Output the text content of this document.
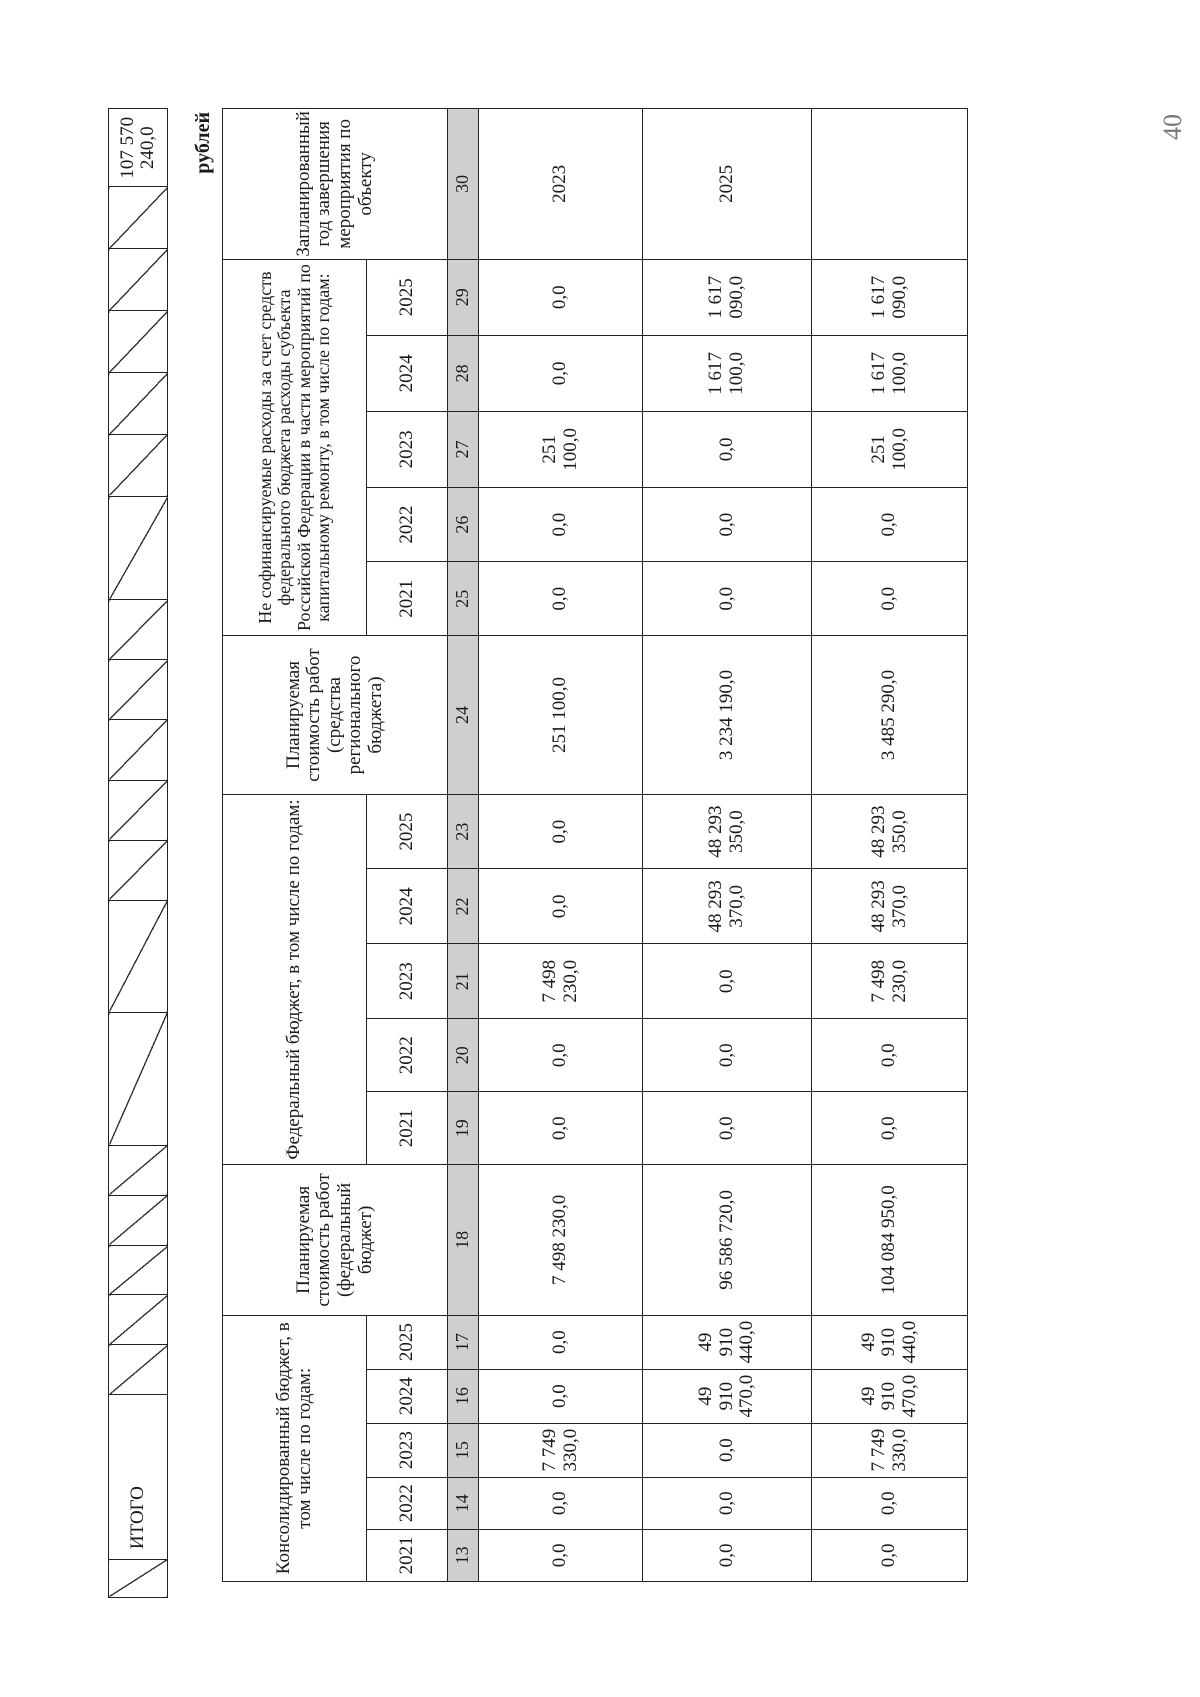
	ИТОГО																			107 570 240,0 рублей
Консолидированный бюджет, в том числе по годам:					Планируемая стоимость работ (федеральный бюджет)	Федеральный бюджет, в том числе по годам:					Планируемая стоимость работ (средства регионального бюджета)	Не софинансируемые расходы за счет средств федерального бюджета расходы субъекта Российской Федерации в части мероприятий по капитальному ремонту, в том числе по годам:					Запланированный год завершения мероприятия по объекту
2021	2022	2023	2024	2025		2021	2022	2023	2024	2025		2021	2022	2023	2024	2025	
13	14	15	16	17	18	19	20	21	22	23	24	25	26	27	28	29	30
0,0	0,0	7 749 330,0	0,0	0,0	7 498 230,0	0,0	0,0	7 498 230,0	0,0	0,0	251 100,0	0,0	0,0	251 100,0	0,0	0,0	2023
0,0	0,0	0,0	49 910 470,0	49 910 440,0	96 586 720,0	0,0	0,0	0,0	48 293 370,0	48 293 350,0	3 234 190,0	0,0	0,0	0,0	1 617 100,0	1 617 090,0	2025
0,0	0,0	7 749 330,0	49 910 470,0	49 910 440,0	104 084 950,0	0,0	0,0	7 498 230,0	48 293 370,0	48 293 350,0	3 485 290,0	0,0	0,0	251 100,0	1 617 100,0	1 617 090,0	
40
